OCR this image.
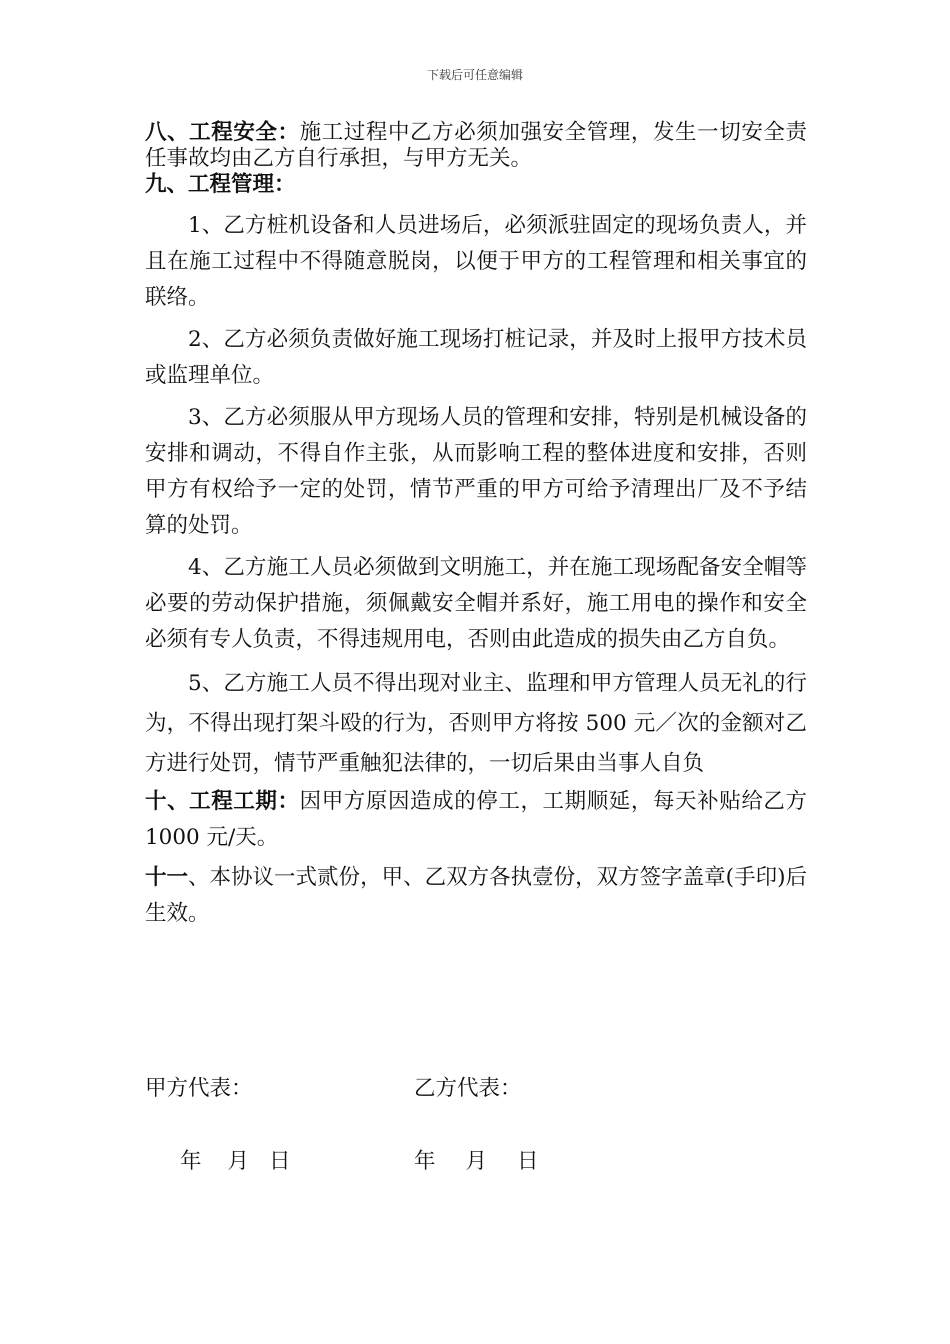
下载后可任意编辑

八、工程安全：施工过程中乙方必须加强安全管理，发生一切安全责任事故均由乙方自行承担，与甲方无关。

九、工程管理：

1、乙方桩机设备和人员进场后，必须派驻固定的现场负责人，并且在施工过程中不得随意脱岗，以便于甲方的工程管理和相关事宜的联络。

2、乙方必须负责做好施工现场打桩记录，并及时上报甲方技术员或监理单位。

3、乙方必须服从甲方现场人员的管理和安排，特别是机械设备的安排和调动，不得自作主张，从而影响工程的整体进度和安排，否则甲方有权给予一定的处罚，情节严重的甲方可给予清理出厂及不予结算的处罚。

4、乙方施工人员必须做到文明施工，并在施工现场配备安全帽等必要的劳动保护措施，须佩戴安全帽并系好，施工用电的操作和安全必须有专人负责，不得违规用电，否则由此造成的损失由乙方自负。

5、乙方施工人员不得出现对业主、监理和甲方管理人员无礼的行为，不得出现打架斗殴的行为，否则甲方将按 500 元／次的金额对乙方进行处罚，情节严重触犯法律的，一切后果由当事人自负

十、工程工期：因甲方原因造成的停工，工期顺延，每天补贴给乙方 1000 元/天。

十一、本协议一式贰份，甲、乙双方各执壹份，双方签字盖章(手印)后生效。

甲方代表：	乙方代表：
年 月 日	年 月 日
